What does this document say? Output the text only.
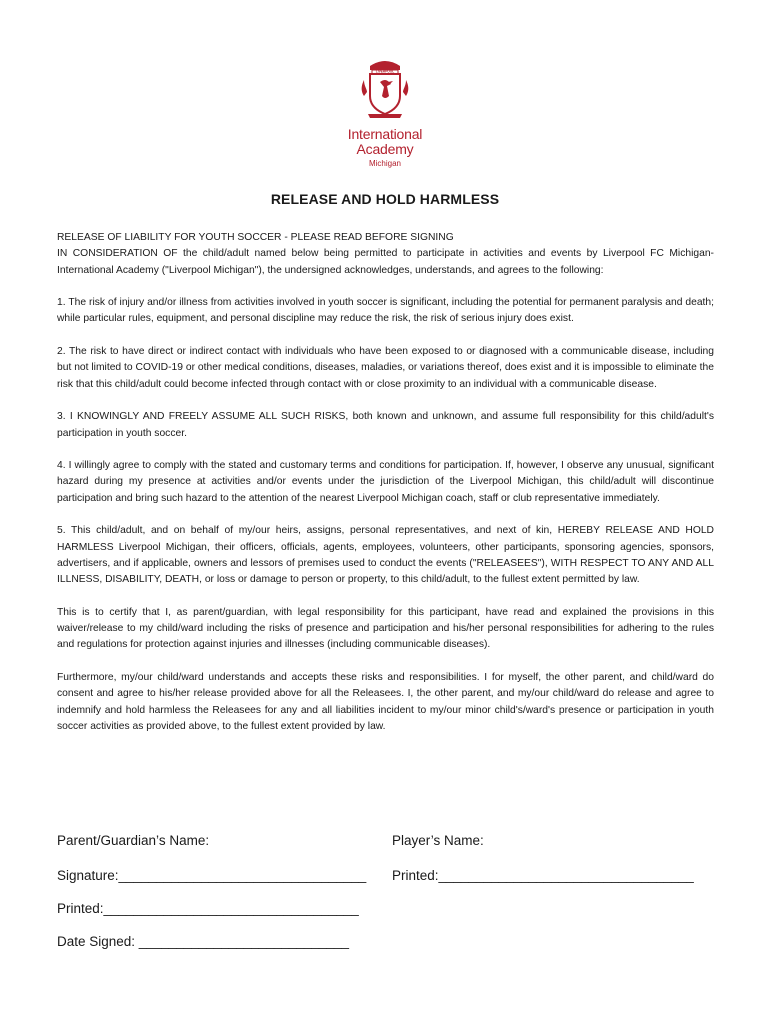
LIVERPOOL
International
Academy
Michigan
RELEASE AND HOLD HARMLESS

RELEASE OF LIABILITY FOR YOUTH SOCCER - PLEASE READ BEFORE SIGNING

IN CONSIDERATION OF the child/adult named below being permitted to participate in activities and events by Liverpool FC Michigan- International Academy ("Liverpool Michigan"), the undersigned acknowledges, understands, and agrees to the following:

1. The risk of injury and/or illness from activities involved in youth soccer is significant, including the potential for permanent paralysis and death; while particular rules, equipment, and personal discipline may reduce the risk, the risk of serious injury does exist.

2. The risk to have direct or indirect contact with individuals who have been exposed to or diagnosed with a communicable disease, including but not limited to COVID-19 or other medical conditions, diseases, maladies, or variations thereof, does exist and it is impossible to eliminate the risk that this child/adult could become infected through contact with or close proximity to an individual with a communicable disease.

3. I KNOWINGLY AND FREELY ASSUME ALL SUCH RISKS, both known and unknown, and assume full responsibility for this child/adult's participation in youth soccer.

4. I willingly agree to comply with the stated and customary terms and conditions for participation. If, however, I observe any unusual, significant hazard during my presence at activities and/or events under the jurisdiction of the Liverpool Michigan, this child/adult will discontinue participation and bring such hazard to the attention of the nearest Liverpool Michigan coach, staff or club representative immediately.

5. This child/adult, and on behalf of my/our heirs, assigns, personal representatives, and next of kin, HEREBY RELEASE AND HOLD HARMLESS Liverpool Michigan, their officers, officials, agents, employees, volunteers, other participants, sponsoring agencies, sponsors, advertisers, and if applicable, owners and lessors of premises used to conduct the events ("RELEASEES"), WITH RESPECT TO ANY AND ALL ILLNESS, DISABILITY, DEATH, or loss or damage to person or property, to this child/adult, to the fullest extent permitted by law.

This is to certify that I, as parent/guardian, with legal responsibility for this participant, have read and explained the provisions in this waiver/release to my child/ward including the risks of presence and participation and his/her personal responsibilities for adhering to the rules and regulations for protection against injuries and illnesses (including communicable diseases).

Furthermore, my/our child/ward understands and accepts these risks and responsibilities. I for myself, the other parent, and child/ward do consent and agree to his/her release provided above for all the Releasees. I, the other parent, and my/our child/ward do release and agree to indemnify and hold harmless the Releasees for any and all liabilities incident to my/our minor child's/ward's presence or participation in youth soccer activities as provided above, to the fullest extent provided by law.

Parent/Guardian’s Name:	Player’s Name:
Signature:_________________________________ Printed:__________________________________
Printed:__________________________________
Date Signed: ____________________________
